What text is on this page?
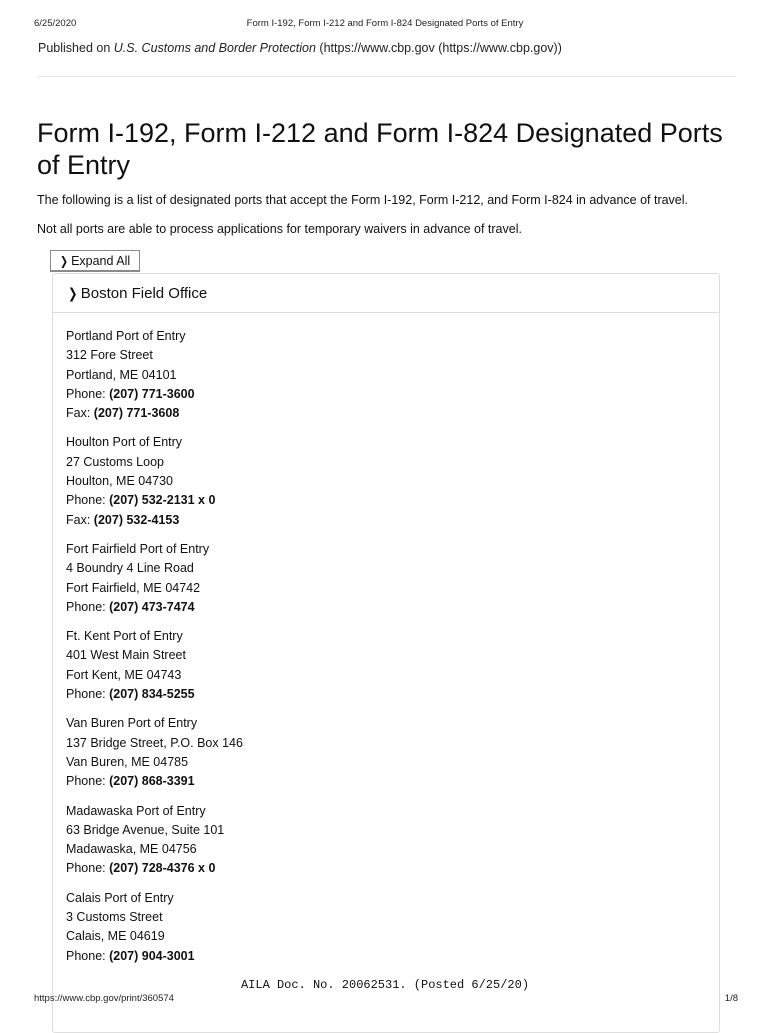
6/25/2020	Form I-192, Form I-212 and Form I-824 Designated Ports of Entry
Published on U.S. Customs and Border Protection (https://www.cbp.gov (https://www.cbp.gov))
Form I-192, Form I-212 and Form I-824 Designated Ports of Entry

The following is a list of designated ports that accept the Form I-192, Form I-212, and Form I-824 in advance of travel.

Not all ports are able to process applications for temporary waivers in advance of travel.

❯ Expand All
❯ Boston Field Office
Portland Port of Entry
312 Fore Street
Portland, ME 04101
Phone: (207) 771-3600
Fax: (207) 771-3608
Houlton Port of Entry
27 Customs Loop
Houlton, ME 04730
Phone: (207) 532-2131 x 0
Fax: (207) 532-4153
Fort Fairfield Port of Entry
4 Boundry 4 Line Road
Fort Fairfield, ME 04742
Phone: (207) 473-7474
Ft. Kent Port of Entry
401 West Main Street
Fort Kent, ME 04743
Phone: (207) 834-5255
Van Buren Port of Entry
137 Bridge Street, P.O. Box 146
Van Buren, ME 04785
Phone: (207) 868-3391
Madawaska Port of Entry
63 Bridge Avenue, Suite 101
Madawaska, ME 04756
Phone: (207) 728-4376 x 0
Calais Port of Entry
3 Customs Street
Calais, ME 04619
Phone: (207) 904-3001
AILA Doc. No. 20062531. (Posted 6/25/20)
https://www.cbp.gov/print/360574	1/8
